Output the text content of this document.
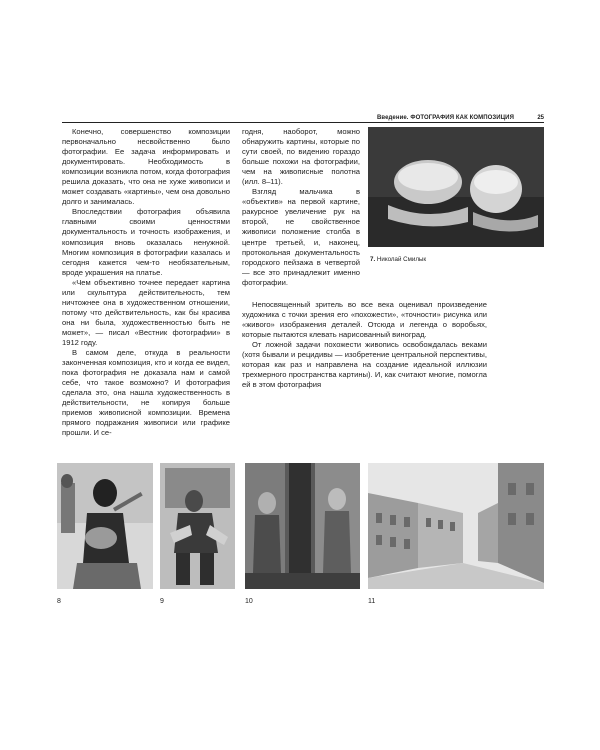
Введение. ФОТОГРАФИЯ КАК КОМПОЗИЦИЯ	25

Конечно, совершенство композиции первоначально несвойственно было фотографии. Ее задача информировать и документировать. Необходимость в композиции возникла потом, когда фотография решила доказать, что она не хуже живописи и может создавать «картины», чем она довольно долго и занималась.

Впоследствии фотография объявила главными своими ценностями документальность и точность изображения, и композиция вновь оказалась ненужной. Многим композиция в фотографии казалась и сегодня кажется чем-то необязательным, вроде украшения на платье.

«Чем объективно точнее передает картина или скульптура действительность, тем ничтожнее она в художественном отношении, потому что действительность, как бы красива она ни была, художественностью быть не может», — писал «Вестник фотографии» в 1912 году.

В самом деле, откуда в реальности законченная композиция, кто и когда ее видел, пока фотография не доказала нам и самой себе, что такое возможно? И фотография сделала это, она нашла художественность в действительности, не копируя больше приемов живописной композиции. Времена прямого подражания живописи или графике прошли. И се-

годня, наоборот, можно обнаружить картины, которые по сути своей, по видению гораздо больше похожи на фотографии, чем на живописные полотна (илл. 8–11).

Взгляд мальчика в «объектив» на первой картине, ракурсное увеличение рук на второй, не свойственное живописи положение столба в центре третьей, и, наконец, протокольная документальность городского пейзажа в четвертой — все это принадлежит именно фотографии.

Непосвященный зритель во все века оценивал произведение художника с точки зрения его «похожести», «точности» рисунка или «живого» изображения деталей. Отсюда и легенда о воробьях, которые пытаются клевать нарисованный виноград.

От ложной задачи похожести живопись освобождалась веками (хотя бывали и рецидивы — изобретение центральной перспективы, которая как раз и направлена на создание идеальной иллюзии трехмерного пространства картины). И, как считают многие, помогла ей в этом фотография

7. Николай Смилык
8	9	10	11
